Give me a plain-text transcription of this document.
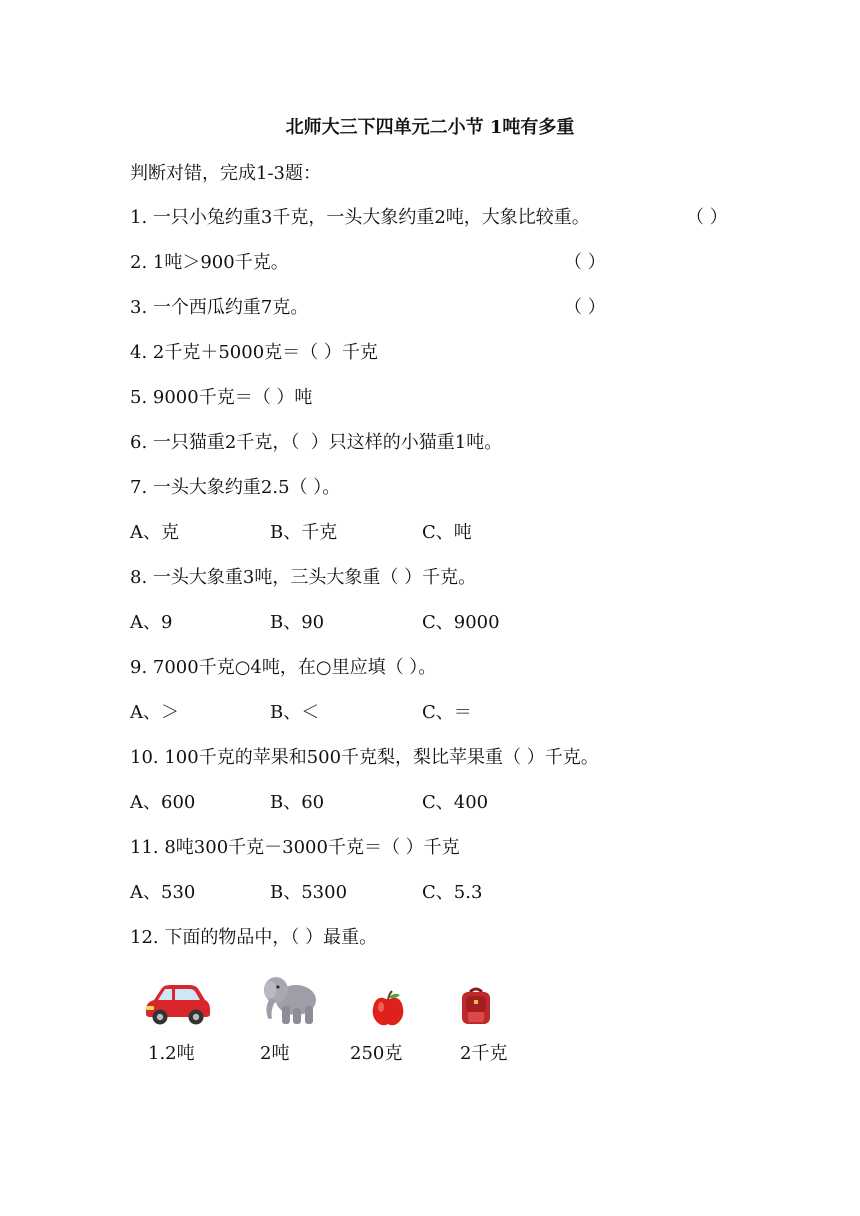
北师大三下四单元二小节 1吨有多重
判断对错，完成1-3题：
1. 一只小兔约重3千克，一头大象约重2吨，大象比较重。	（ ）
2. 1吨＞900千克。	（ ）
3. 一个西瓜约重7克。	（ ）
4. 2千克＋5000克＝（ ）千克
5. 9000千克＝（ ）吨
6. 一只猫重2千克，（  ）只这样的小猫重1吨。
7. 一头大象约重2.5（ ）。
A、克	B、千克	C、吨
8. 一头大象重3吨，三头大象重（ ）千克。
A、9	B、90	C、9000
9. 7000千克○4吨，在○里应填（ ）。
A、＞	B、＜	C、＝
10. 100千克的苹果和500千克梨，梨比苹果重（ ）千克。
A、600	B、60	C、400
11. 8吨300千克－3000千克＝（ ）千克
A、530	B、5300	C、5.3
12. 下面的物品中，（ ）最重。
1.2吨	2吨	250克	2千克
